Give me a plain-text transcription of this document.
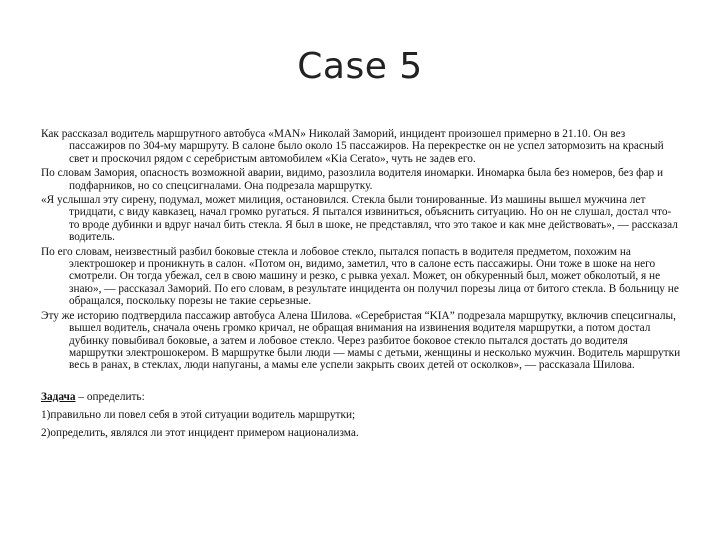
Case 5

Как рассказал водитель маршрутного автобуса «MAN» Николай Заморий, инцидент произошел примерно в 21.10. Он вез пассажиров по 304-му маршруту. В салоне было около 15 пассажиров. На перекрестке он не успел затормозить на красный свет и проскочил рядом с серебристым автомобилем «Kia Cerato», чуть не задев его.

По словам Замория, опасность возможной аварии, видимо, разозлила водителя иномарки. Иномарка была без номеров, без фар и подфарников, но со спецсигналами. Она подрезала маршрутку.

«Я услышал эту сирену, подумал, может милиция, остановился. Стекла были тонированные. Из машины вышел мужчина лет тридцати, с виду кавказец, начал громко ругаться. Я пытался извиниться, объяснить ситуацию. Но он не слушал, достал что-то вроде дубинки и вдруг начал бить стекла. Я был в шоке, не представлял, что это такое и как мне действовать», — рассказал водитель.

По его словам, неизвестный разбил боковые стекла и лобовое стекло, пытался попасть в водителя предметом, похожим на электрошокер и проникнуть в салон. «Потом он, видимо, заметил, что в салоне есть пассажиры. Они тоже в шоке на него смотрели. Он тогда убежал, сел в свою машину и резко, с рывка уехал. Может, он обкуренный был, может обколотый, я не знаю», — рассказал Заморий. По его словам, в результате инцидента он получил порезы лица от битого стекла. В больницу не обращался, поскольку порезы не такие серьезные.

Эту же историю подтвердила пассажир автобуса Алена Шилова. «Серебристая “KIA” подрезала маршрутку, включив спецсигналы, вышел водитель, сначала очень громко кричал, не обращая внимания на извинения водителя маршрутки, а потом достал дубинку повыбивал боковые, а затем и лобовое стекло. Через разбитое боковое стекло пытался достать до водителя маршрутки электрошокером. В маршрутке были люди — мамы с детьми, женщины и несколько мужчин. Водитель маршрутки весь в ранах, в стеклах, люди напуганы, а мамы еле успели закрыть своих детей от осколков», — рассказала Шилова.

Задача – определить:

1)правильно ли повел себя в этой ситуации водитель маршрутки;

2)определить, являлся ли этот инцидент примером национализма.
